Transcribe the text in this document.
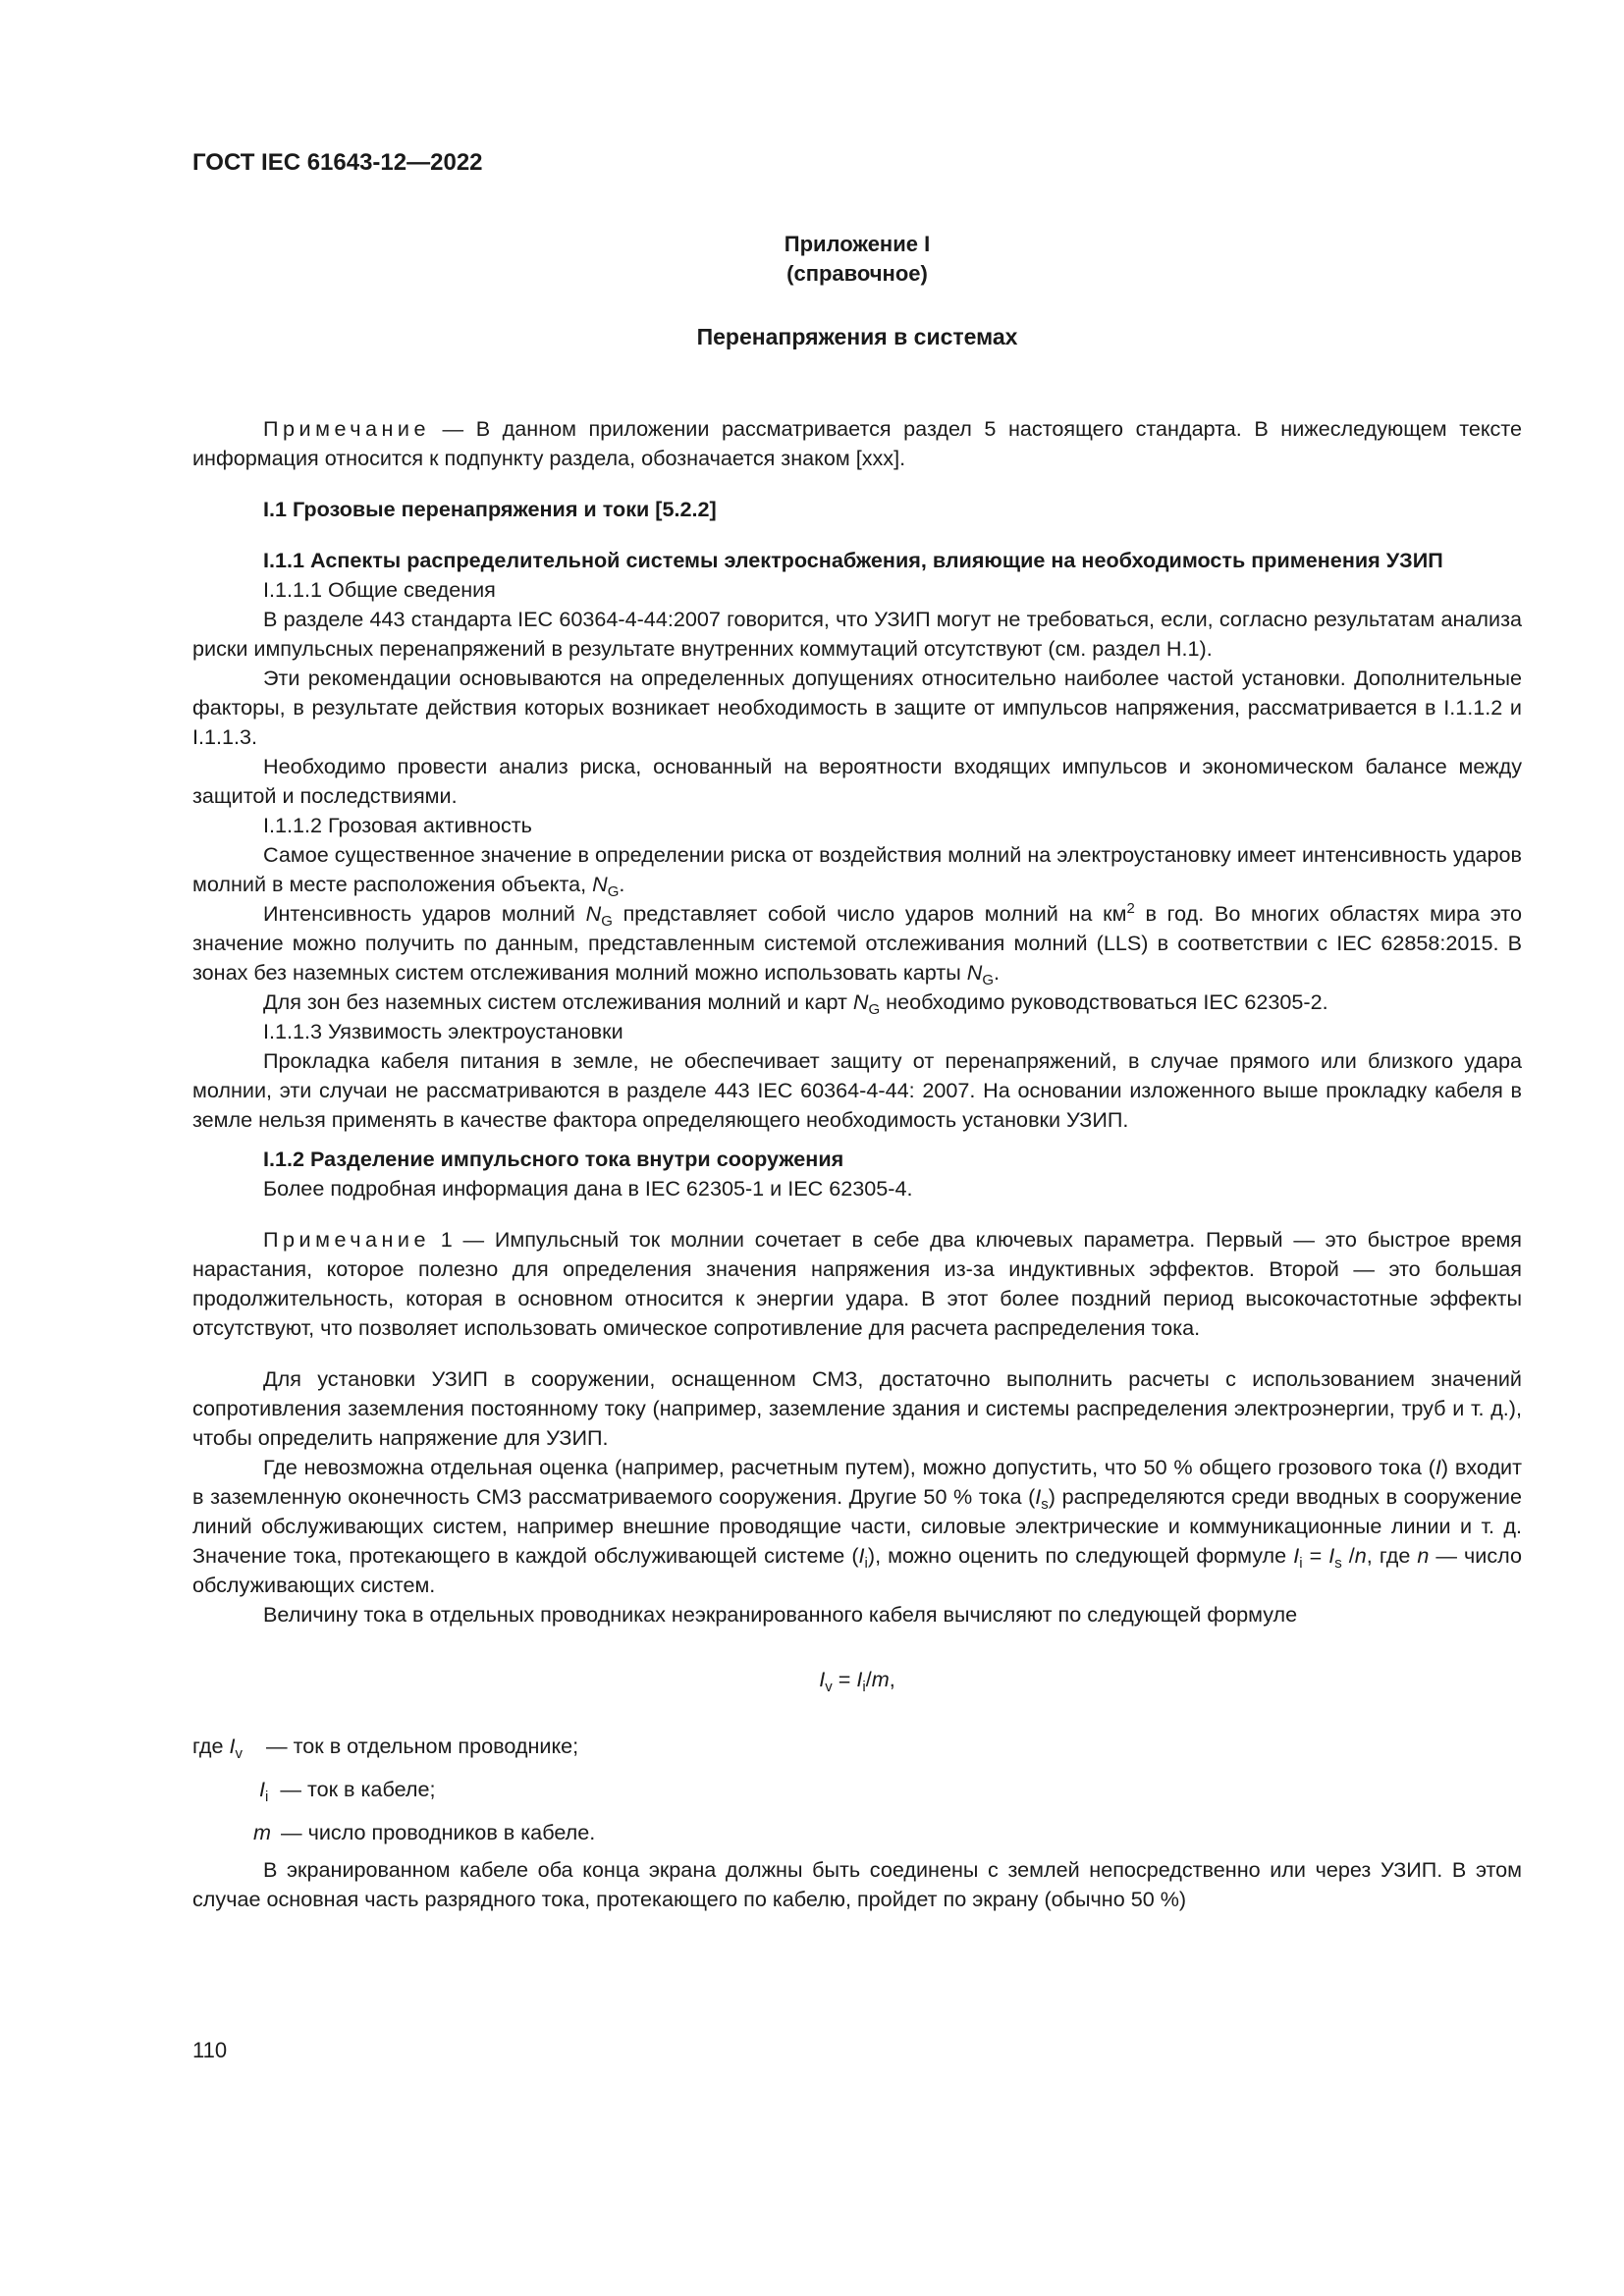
ГОСТ IEC 61643-12—2022
Приложение I
(справочное)
Перенапряжения в системах

Примечание — В данном приложении рассматривается раздел 5 настоящего стандарта. В нижеследующем тексте информация относится к подпункту раздела, обозначается знаком [xxx].

I.1 Грозовые перенапряжения и токи [5.2.2]

I.1.1 Аспекты распределительной системы электроснабжения, влияющие на необходимость применения УЗИП

I.1.1.1 Общие сведения

В разделе 443 стандарта IEC 60364-4-44:2007 говорится, что УЗИП могут не требоваться, если, согласно результатам анализа риски импульсных перенапряжений в результате внутренних коммутаций отсутствуют (см. раздел Н.1).

Эти рекомендации основываются на определенных допущениях относительно наиболее частой установки. Дополнительные факторы, в результате действия которых возникает необходимость в защите от импульсов напряжения, рассматривается в I.1.1.2 и I.1.1.3.

Необходимо провести анализ риска, основанный на вероятности входящих импульсов и экономическом балансе между защитой и последствиями.

I.1.1.2 Грозовая активность

Самое существенное значение в определении риска от воздействия молний на электроустановку имеет интенсивность ударов молний в месте расположения объекта, $N_G$.

Интенсивность ударов молний $N_G$ представляет собой число ударов молний на $км^2$ в год. Во многих областях мира это значение можно получить по данным, представленным системой отслеживания молний (LLS) в соответствии с IEC 62858:2015. В зонах без наземных систем отслеживания молний можно использовать карты $N_G$.

Для зон без наземных систем отслеживания молний и карт $N_G$ необходимо руководствоваться IEC 62305-2.

I.1.1.3 Уязвимость электроустановки

Прокладка кабеля питания в земле, не обеспечивает защиту от перенапряжений, в случае прямого или близкого удара молнии, эти случаи не рассматриваются в разделе 443 IEC 60364-4-44: 2007. На основании изложенного выше прокладку кабеля в земле нельзя применять в качестве фактора определяющего необходимость установки УЗИП.

I.1.2 Разделение импульсного тока внутри сооружения

Более подробная информация дана в IEC 62305-1 и IEC 62305-4.

Примечание 1 — Импульсный ток молнии сочетает в себе два ключевых параметра. Первый — это быстрое время нарастания, которое полезно для определения значения напряжения из-за индуктивных эффектов. Второй — это большая продолжительность, которая в основном относится к энергии удара. В этот более поздний период высокочастотные эффекты отсутствуют, что позволяет использовать омическое сопротивление для расчета распределения тока.

Для установки УЗИП в сооружении, оснащенном СМЗ, достаточно выполнить расчеты с использованием значений сопротивления заземления постоянному току (например, заземление здания и системы распределения электроэнергии, труб и т. д.), чтобы определить напряжение для УЗИП.

Где невозможна отдельная оценка (например, расчетным путем), можно допустить, что 50 % общего грозового тока (I) входит в заземленную оконечность СМЗ рассматриваемого сооружения. Другие 50 % тока $(I_s)$ распределяются среди вводных в сооружение линий обслуживающих систем, например внешние проводящие части, силовые электрические и коммуникационные линии и т. д. Значение тока, протекающего в каждой обслуживающей системе $(I_i)$, можно оценить по следующей формуле $I_i = I_s$ /n, где n — число обслуживающих систем.

Величину тока в отдельных проводниках неэкранированного кабеля вычисляют по следующей формуле

$I_v = I_i/m$,
где $I_v$ — ток в отдельном проводнике;
$I_i$ — ток в кабеле;
m — число проводников в кабеле.

В экранированном кабеле оба конца экрана должны быть соединены с землей непосредственно или через УЗИП. В этом случае основная часть разрядного тока, протекающего по кабелю, пройдет по экрану (обычно 50 %)

110
